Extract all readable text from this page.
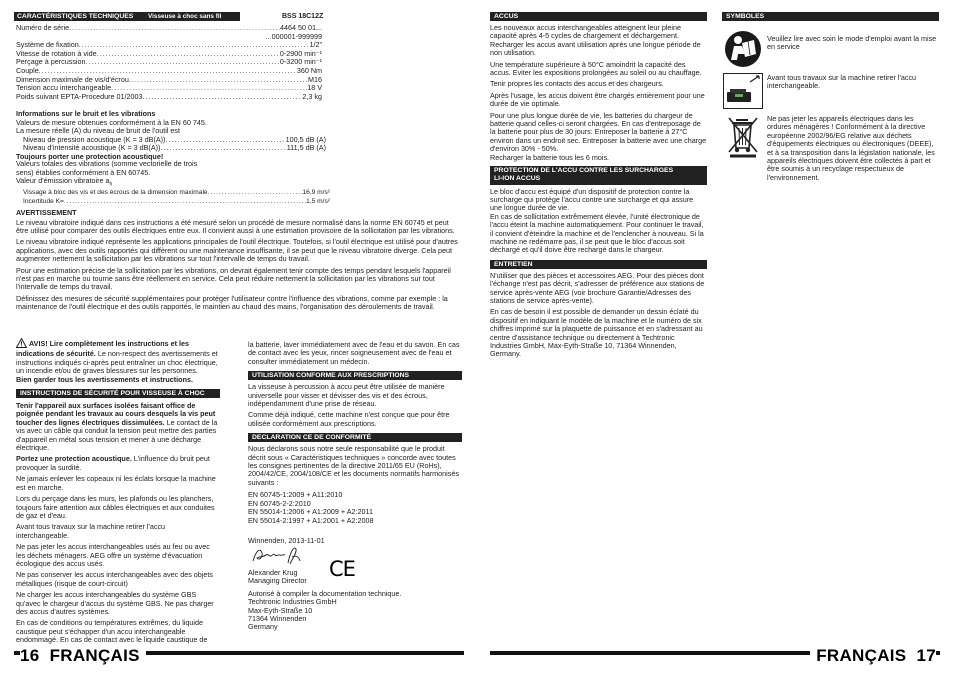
CARACTÉRISTIQUES TECHNIQUES Visseuse à choc sans fil	BSS 18C12Z
Numéro de série .....	4464 50 01...
...000001-999999
Système de fixation .....	1/2"
Vitesse de rotation à vide .....	0-2900 min⁻¹
Perçage à percussion .....	0-3200 min⁻¹
Couple .....	360 Nm
Dimension maximale de vis/d'écrou .....	M16
Tension accu interchangeable .....	18 V
Poids suivant EPTA-Procedure 01/2003 .....	2,3 kg
Informations sur le bruit et les vibrations
Valeurs de mesure obtenues conformément à la EN 60 745.
La mesure réelle (A) du niveau de bruit de l'outil est
Niveau de pression acoustique (K = 3 dB(A)) .....	100,5 dB (A)
Niveau d'intensité acoustique (K = 3 dB(A)) .....	111,5 dB (A)
Toujours porter une protection acoustique!
Valeurs totales des vibrations (somme vectorielle de trois
sens) établies conformément à EN 60745.
Valeur d'émission vibratoire $a_h$
Vissage à bloc des vis et des écrous de la dimension maximale .....	16,9 m/s²
Incertitude K= .....	1,5 m/s²
AVERTISSEMENT
Le niveau vibratoire indiqué dans ces instructions a été mesuré selon un procédé de mesure normalisé dans la norme EN 60745 et peut être utilisé pour comparer des outils électriques entre eux. Il convient aussi à une estimation provisoire de la sollicitation par les vibrations.
Le niveau vibratoire indiqué représente les applications principales de l'outil électrique. Toutefois, si l'outil électrique est utilisé pour d'autres applications, avec des outils rapportés qui diffèrent ou une maintenance insuffisante, il se peut que le niveau vibratoire diverge. Cela peut augmenter nettement la sollicitation par les vibrations sur tout l'intervalle de temps du travail.
Pour une estimation précise de la sollicitation par les vibrations, on devrait également tenir compte des temps pendant lesquels l'appareil n'est pas en marche ou tourne sans être réellement en service. Cela peut réduire nettement la sollicitation par les vibrations sur tout l'intervalle de temps du travail.
Définissez des mesures de sécurité supplémentaires pour protéger l'utilisateur contre l'influence des vibrations, comme par exemple : la maintenance de l'outil électrique et des outils rapportés, le maintien au chaud des mains, l'organisation des déroulements de travail.
AVIS! Lire complètement les instructions et les indications de sécurité. Le non-respect des avertissements et instructions indiqués ci-après peut entraîner un choc électrique, un incendie et/ou de graves blessures sur les personnes.
Bien garder tous les avertissements et instructions.
INSTRUCTIONS DE SÉCURITÉ POUR VISSEUSE À CHOC
Tenir l'appareil aux surfaces isolées faisant office de poignée pendant les travaux au cours desquels la vis peut toucher des lignes électriques dissimulées. Le contact de la vis avec un câble qui conduit la tension peut mettre des parties d'appareil en métal sous tension et mener à une décharge électrique.
Portez une protection acoustique. L'influence du bruit peut provoquer la surdité.
Ne jamais enlever les copeaux ni les éclats lorsque la machine est en marche.
Lors du perçage dans les murs, les plafonds ou les planchers, toujours faire attention aux câbles électriques et aux conduites de gaz et d'eau.
Avant tous travaux sur la machine retirer l'accu interchangeable.
Ne pas jeter les accus interchangeables usés au feu ou avec les déchets ménagers. AEG offre un système d'évacuation écologique des accus usés.
Ne pas conserver les accus interchangeables avec des objets métalliques (risque de court-circuit)
Ne charger les accus interchangeables du système GBS qu'avec le chargeur d'accus du système GBS. Ne pas charger des accus d'autres systèmes.
En cas de conditions ou températures extrêmes, du liquide caustique peut s'échapper d'un accu interchangeable endommagé. En cas de contact avec le liquide caustique de
la batterie, laver immédiatement avec de l'eau et du savon. En cas de contact avec les yeux, rincer soigneusement avec de l'eau et consulter immédiatement un médecin.
UTILISATION CONFORME AUX PRESCRIPTIONS
La visseuse à percussion à accu peut être utilisée de manière universelle pour visser et dévisser des vis et des écrous, indépendamment d'une prise de réseau.
Comme déjà indiqué, cette machine n'est conçue que pour être utilisée conformément aux prescriptions.
DECLARATION CE DE CONFORMITÉ
Nous déclarons sous notre seule responsabilité que le produit décrit sous « Caractéristiques techniques » concorde avec toutes les consignes pertinentes de la directive 2011/65 EU (RoHs), 2004/42/CE, 2004/108/CE et les documents normatifs harmonisés suivants :
EN 60745-1:2009 + A11:2010
EN 60745-2-2:2010
EN 55014-1:2006 + A1:2009 + A2:2011
EN 55014-2:1997 + A1:2001 + A2:2008
Winnenden, 2013-11-01
Alexander Krug
Managing Director
Autorisé à compiler la documentation technique.
Techtronic Industries GmbH
Max-Eyth-Straße 10
71364 Winnenden
Germany
CE
16 FRANÇAIS
ACCUS
Les nouveaux accus interchangeables atteignent leur pleine capacité après 4-5 cycles de chargement et déchargement. Recharger les accus avant utilisation après une longue période de non utilisation.
Une température supérieure à 50°C amoindrit la capacité des accus. Eviter les expositions prolongées au soleil ou au chauffage.
Tenir propres les contacts des accus et des chargeurs.
Après l'usage, les accus doivent être chargés entièrement pour une durée de vie optimale.
Pour une plus longue durée de vie, les batteries du chargeur de batterie quand celles-ci seront chargées. En cas d'entreposage de la batterie pour plus de 30 jours: Entreposer la batterie à 27°C environ dans un endroit sec. Entreposer la batterie avec une charge d'environ 30% - 50%.
Recharger la batterie tous les 6 mois.
PROTECTION DE L'ACCU CONTRE LES SURCHARGES
LI-ION ACCUS
Le bloc d'accu est équipé d'un dispositif de protection contre la surcharge qui protège l'accu contre une surcharge et qui assure une longue durée de vie.
En cas de sollicitation extrêmement élevée, l'unité électronique de l'accu éteint la machine automatiquement. Pour continuer le travail, il convient d'éteindre la machine et de l'enclencher à nouveau. Si la machine ne redémarre pas, il se peut que le bloc d'accus soit déchargé et qu'il doive être rechargé dans le chargeur.
ENTRETIEN
N'utiliser que des pièces et accessoires AEG. Pour des pièces dont l'échange n'est pas décrit, s'adresser de préférence aux stations de service après-vente AEG (voir brochure Garantie/Adresses des stations de service après-vente).
En cas de besoin il est possible de demander un dessin éclaté du dispositif en indiquant le modèle de la machine et le numéro de six chiffres imprimé sur la plaquette de puissance et en s'adressant au centre d'assistance technique ou directement à Techtronic Industries GmbH, Max-Eyth-Straße 10, 71364 Winnenden, Germany.
SYMBOLES
Veuillez lire avec soin le mode d'emploi avant la mise en service
Avant tous travaux sur la machine retirer l'accu interchangeable.
Ne pas jeter les appareils électriques dans les ordures ménagères ! Conformément à la directive européenne 2002/96/EG relative aux déchets d'équipements électriques ou électroniques (DEEE), et à sa transposition dans la législation nationale, les appareils électriques doivent être collectés à part et être soumis à un recyclage respectueux de l'environnement.
FRANÇAIS 17
